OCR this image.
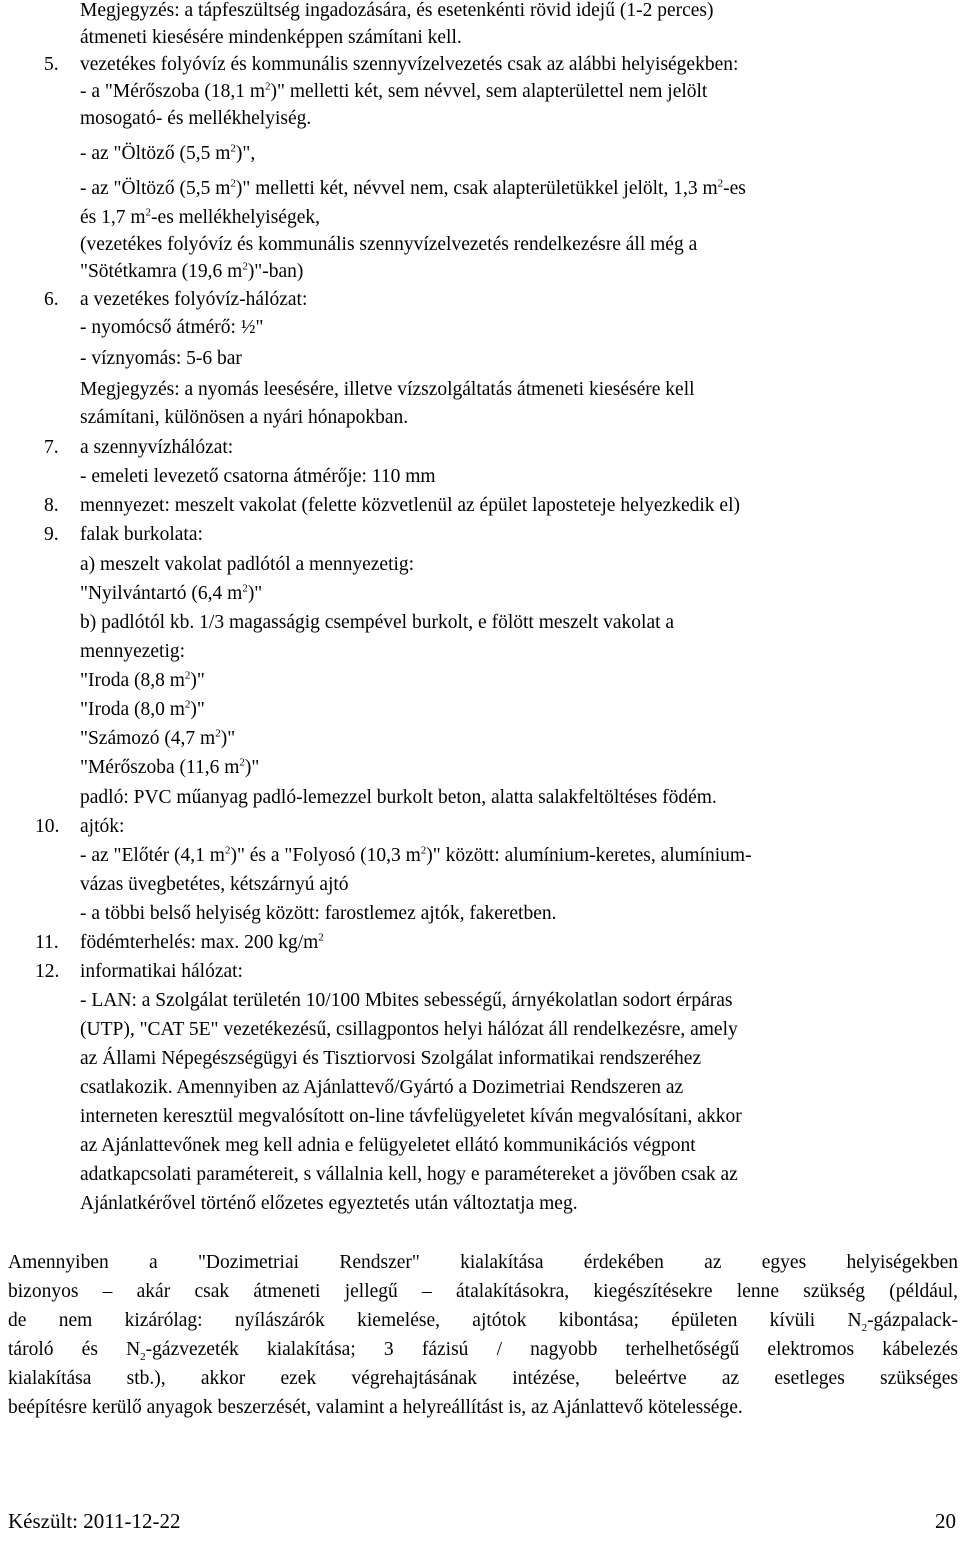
Megjegyzés: a tápfeszültség ingadozására, és esetenkénti rövid idejű (1-2 perces)
átmeneti kiesésére mindenképpen számítani kell.
5. vezetékes folyóvíz és kommunális szennyvízelvezetés csak az alábbi helyiségekben:
- a "Mérőszoba (18,1 $m^2$)" melletti két, sem névvel, sem alapterülettel nem jelölt
mosogató- és mellékhelyiség.
- az "Öltöző (5,5 $m^2$)",
- az "Öltöző (5,5 $m^2$)" melletti két, névvel nem, csak alapterületükkel jelölt, 1,3 $m^2-es$
és 1,7 $m^2-es$ mellékhelyiségek,
(vezetékes folyóvíz és kommunális szennyvízelvezetés rendelkezésre áll még a
"Sötétkamra (19,6 $m^2)"-ban$)
6. a vezetékes folyóvíz-hálózat:
- nyomócső átmérő: ½"
- víznyomás: 5-6 bar
Megjegyzés: a nyomás leesésére, illetve vízszolgáltatás átmeneti kiesésére kell
számítani, különösen a nyári hónapokban.
7. a szennyvízhálózat:
- emeleti levezető csatorna átmérője: 110 mm
8. mennyezet: meszelt vakolat (felette közvetlenül az épület laposteteje helyezkedik el)
9. falak burkolata:
a) meszelt vakolat padlótól a mennyezetig:
"Nyilvántartó (6,4 $m^2$)"
b) padlótól kb. 1/3 magasságig csempével burkolt, e fölött meszelt vakolat a
mennyezetig:
"Iroda (8,8 $m^2$)"
"Iroda (8,0 $m^2$)"
"Számozó (4,7 $m^2$)"
"Mérőszoba (11,6 $m^2$)"
padló: PVC műanyag padló-lemezzel burkolt beton, alatta salakfeltöltéses födém.
10. ajtók:
- az "Előtér (4,1 $m^2$)" és a "Folyosó (10,3 $m^2$)" között: alumínium-keretes, alumínium-
vázas üvegbetétes, kétszárnyú ajtó
- a többi belső helyiség között: farostlemez ajtók, fakeretben.
11. födémterhelés: max. 200 $kg/m^2$
12. informatikai hálózat:
- LAN: a Szolgálat területén 10/100 Mbites sebességű, árnyékolatlan sodort érpáras
(UTP), "CAT 5E" vezetékezésű, csillagpontos helyi hálózat áll rendelkezésre, amely
az Állami Népegészségügyi és Tisztiorvosi Szolgálat informatikai rendszeréhez
csatlakozik. Amennyiben az Ajánlattevő/Gyártó a Dozimetriai Rendszeren az
interneten keresztül megvalósított on-line távfelügyeletet kíván megvalósítani, akkor
az Ajánlattevőnek meg kell adnia e felügyeletet ellátó kommunikációs végpont
adatkapcsolati paramétereit, s vállalnia kell, hogy e paramétereket a jövőben csak az
Ajánlatkérővel történő előzetes egyeztetés után változtatja meg.
Amennyiben a "Dozimetriai Rendszer" kialakítása érdekében az egyes helyiségekben
bizonyos – akár csak átmeneti jellegű – átalakításokra, kiegészítésekre lenne szükség (például,
de nem kizárólag: nyílászárók kiemelése, ajtótok kibontása; épületen kívüli $N_2-gázpalack-$
tároló és $N_2$-gázvezeték kialakítása; 3 fázisú / nagyobb terhelhetőségű elektromos kábelezés
kialakítása stb.), akkor ezek végrehajtásának intézése, beleértve az esetleges szükséges
beépítésre kerülő anyagok beszerzését, valamint a helyreállítást is, az Ajánlattevő kötelessége.
Készült: 2011-12-22	20
